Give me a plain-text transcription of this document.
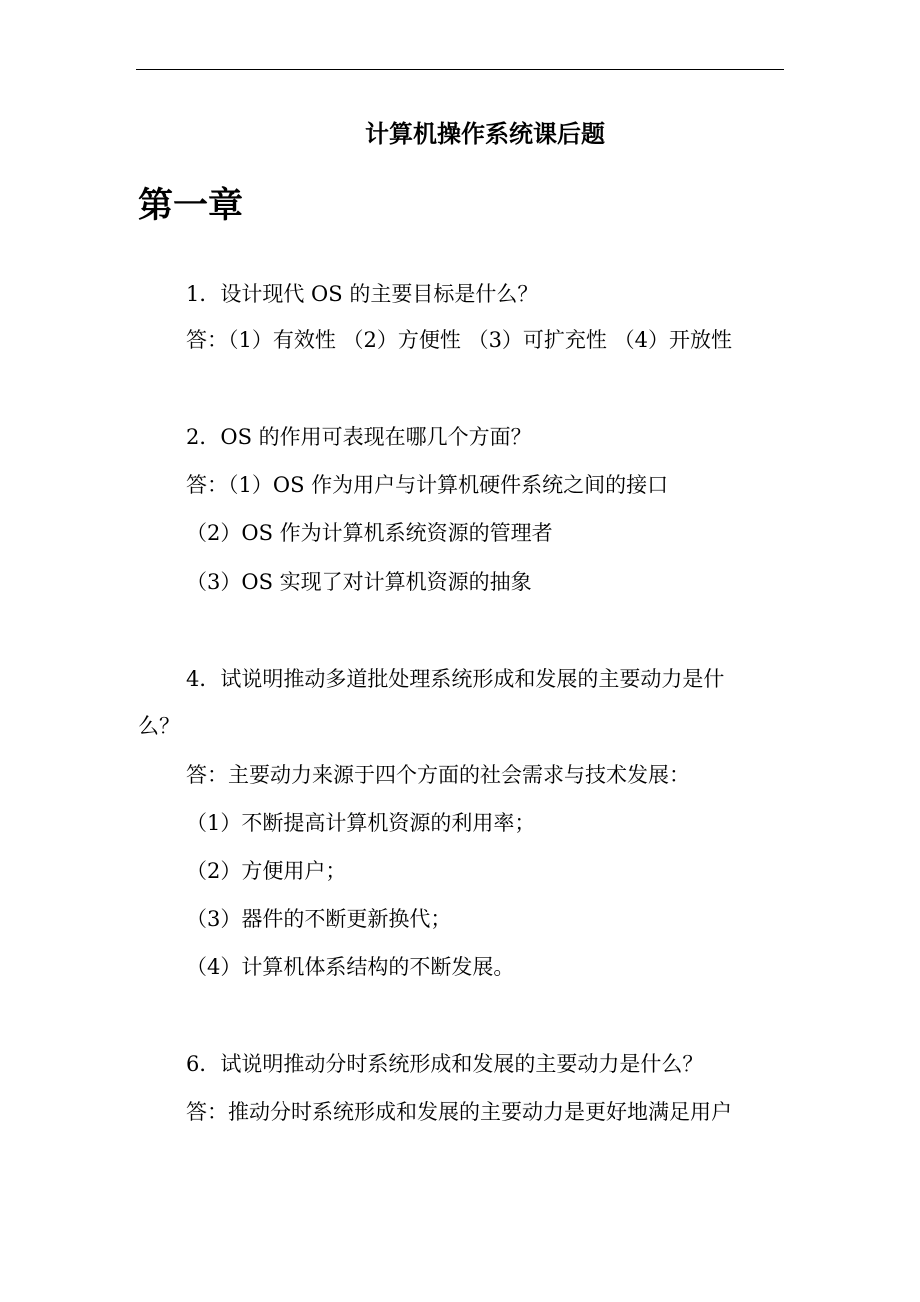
计算机操作系统课后题
第一章
1．设计现代 OS 的主要目标是什么？
答：（1）有效性 （2）方便性 （3）可扩充性 （4）开放性
2．OS 的作用可表现在哪几个方面？
答：（1）OS 作为用户与计算机硬件系统之间的接口
（2）OS 作为计算机系统资源的管理者
（3）OS 实现了对计算机资源的抽象
4．试说明推动多道批处理系统形成和发展的主要动力是什
么？
答：主要动力来源于四个方面的社会需求与技术发展：
（1）不断提高计算机资源的利用率；
（2）方便用户；
（3）器件的不断更新换代；
（4）计算机体系结构的不断发展。
6．试说明推动分时系统形成和发展的主要动力是什么？
答：推动分时系统形成和发展的主要动力是更好地满足用户
